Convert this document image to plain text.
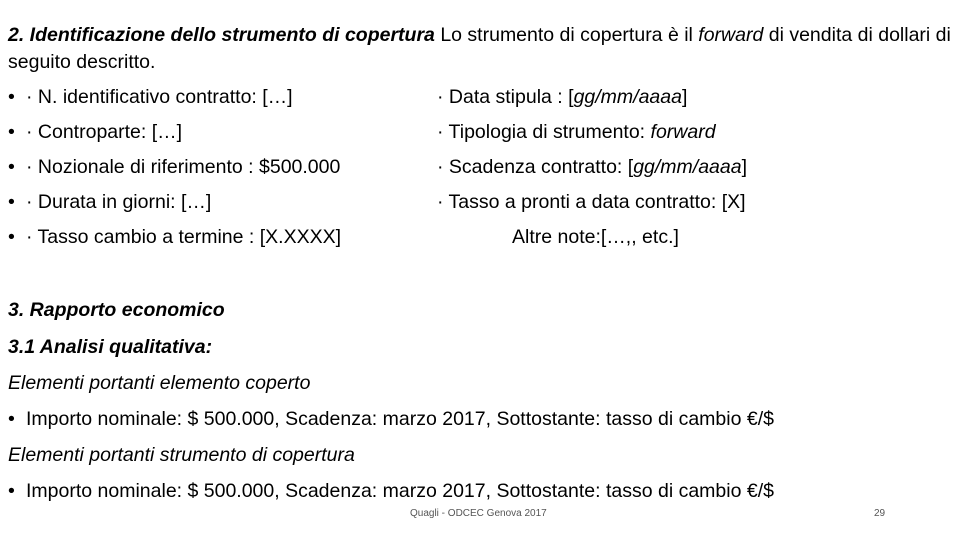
2. Identificazione dello strumento di copertura Lo strumento di copertura è il forward di vendita di dollari di seguito descritto.
• · N. identificativo contratto: […]
• · Controparte: […]
• · Nozionale di riferimento : $500.000
• · Durata in giorni: […]
• · Tasso cambio a termine : [X.XXXX]
· Data stipula : [gg/mm/aaaa]
· Tipologia di strumento: forward
· Scadenza contratto: [gg/mm/aaaa]
· Tasso a pronti a data contratto: [X]
Altre note:[…,, etc.]
3. Rapporto economico
3.1 Analisi qualitativa:
Elementi portanti elemento coperto
• Importo nominale: $ 500.000, Scadenza: marzo 2017, Sottostante: tasso di cambio €/$
Elementi portanti strumento di copertura
• Importo nominale: $ 500.000, Scadenza: marzo 2017, Sottostante: tasso di cambio €/$
Quagli - ODCEC Genova 2017	29
